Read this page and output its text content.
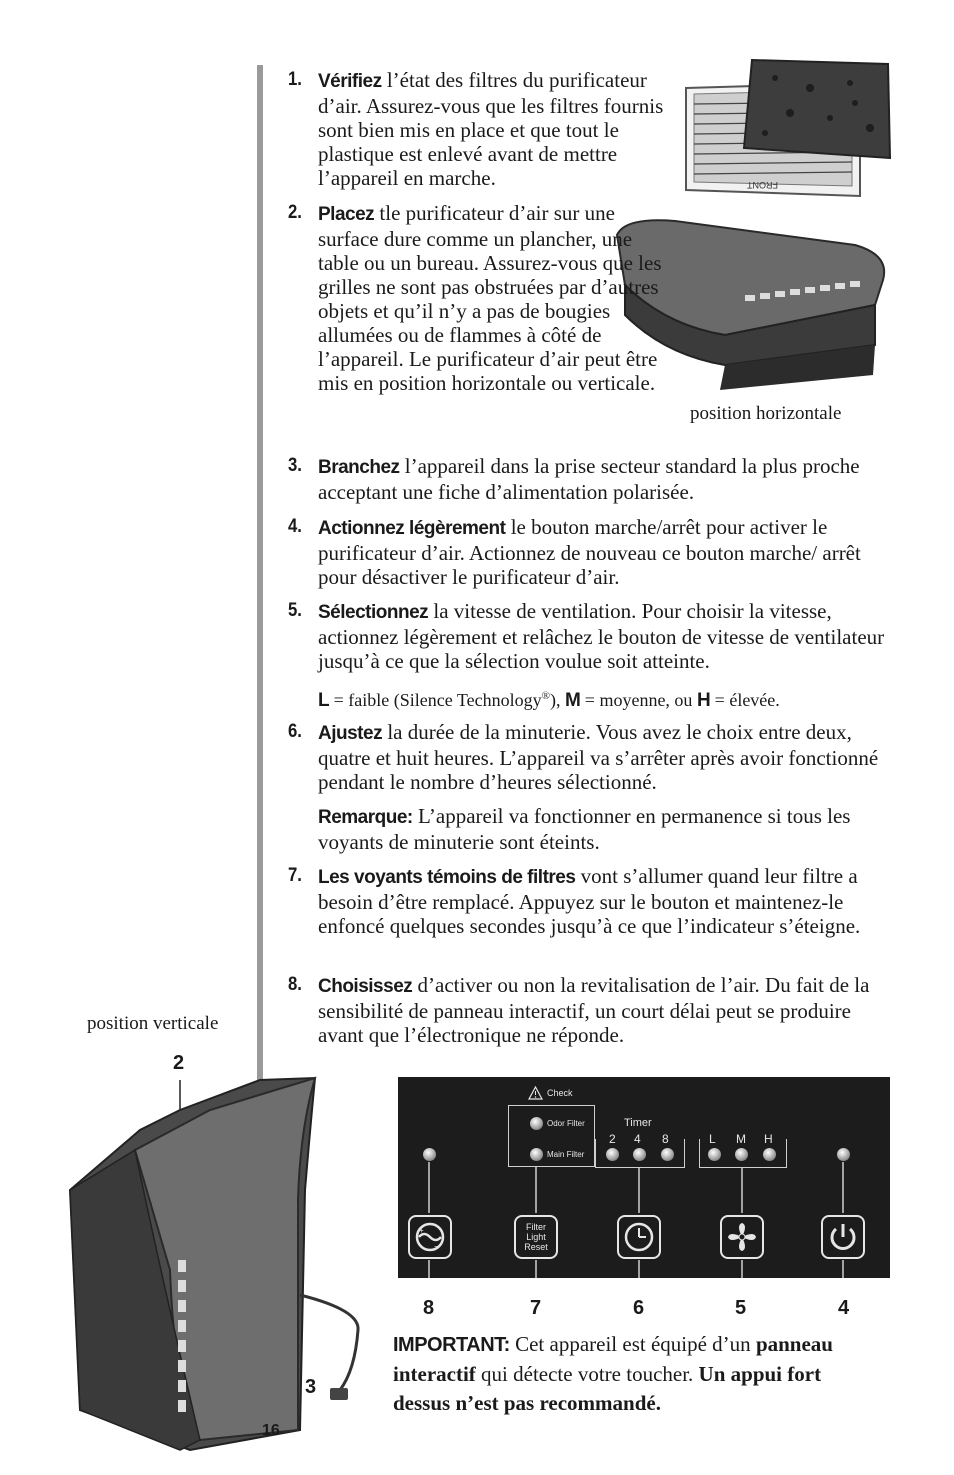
FRONT
position horizontale
1. Vérifiez l’état des filtres du purificateur d’air. Assurez-vous que les filtres fournis sont bien mis en place et que tout le plastique est enlevé avant de mettre l’appareil en marche.
2. Placez tle purificateur d’air sur une surface dure comme un plancher, une table ou un bureau. Assurez-vous que les grilles ne sont pas obstruées par d’autres objets et qu’il n’y a pas de bougies allumées ou de flammes à côté de l’appareil. Le purificateur d’air peut être mis en position horizontale ou verticale.
3. Branchez l’appareil dans la prise secteur standard la plus proche acceptant une fiche d’alimentation polarisée.
4. Actionnez légèrement le bouton marche/arrêt pour activer le purificateur d’air. Actionnez de nouveau ce bouton marche/ arrêt pour désactiver le purificateur d’air.
5. Sélectionnez la vitesse de ventilation. Pour choisir la vitesse, actionnez légèrement et relâchez le bouton de vitesse de ventilateur jusqu’à ce que la sélection voulue soit atteinte.
L = faible (Silence Technology®), M = moyenne, ou H = élevée.
6. Ajustez la durée de la minuterie. Vous avez le choix entre deux, quatre et huit heures. L’appareil va s’arrêter après avoir fonctionné pendant le nombre d’heures sélectionné.
Remarque: L’appareil va fonctionner en permanence si tous les voyants de minuterie sont éteints.
7. Les voyants témoins de filtres vont s’allumer quand leur filtre a besoin d’être remplacé. Appuyez sur le bouton et maintenez-le enfoncé quelques secondes jusqu’à ce que l’indicateur s’éteigne.
8. Choisissez d’activer ou non la revitalisation de l’air. Du fait de la sensibilité de panneau interactif, un court délai peut se produire avant que l’électronique ne réponde.
position verticale
2
3
16
Check
Odor Filter
Main Filter
Timer
2 4 8	L M H
+
−
Filter
Light
Reset
8	7	6	5	4
IMPORTANT: Cet appareil est équipé d’un panneau interactif qui détecte votre toucher. Un appui fort dessus n’est pas recommandé.
